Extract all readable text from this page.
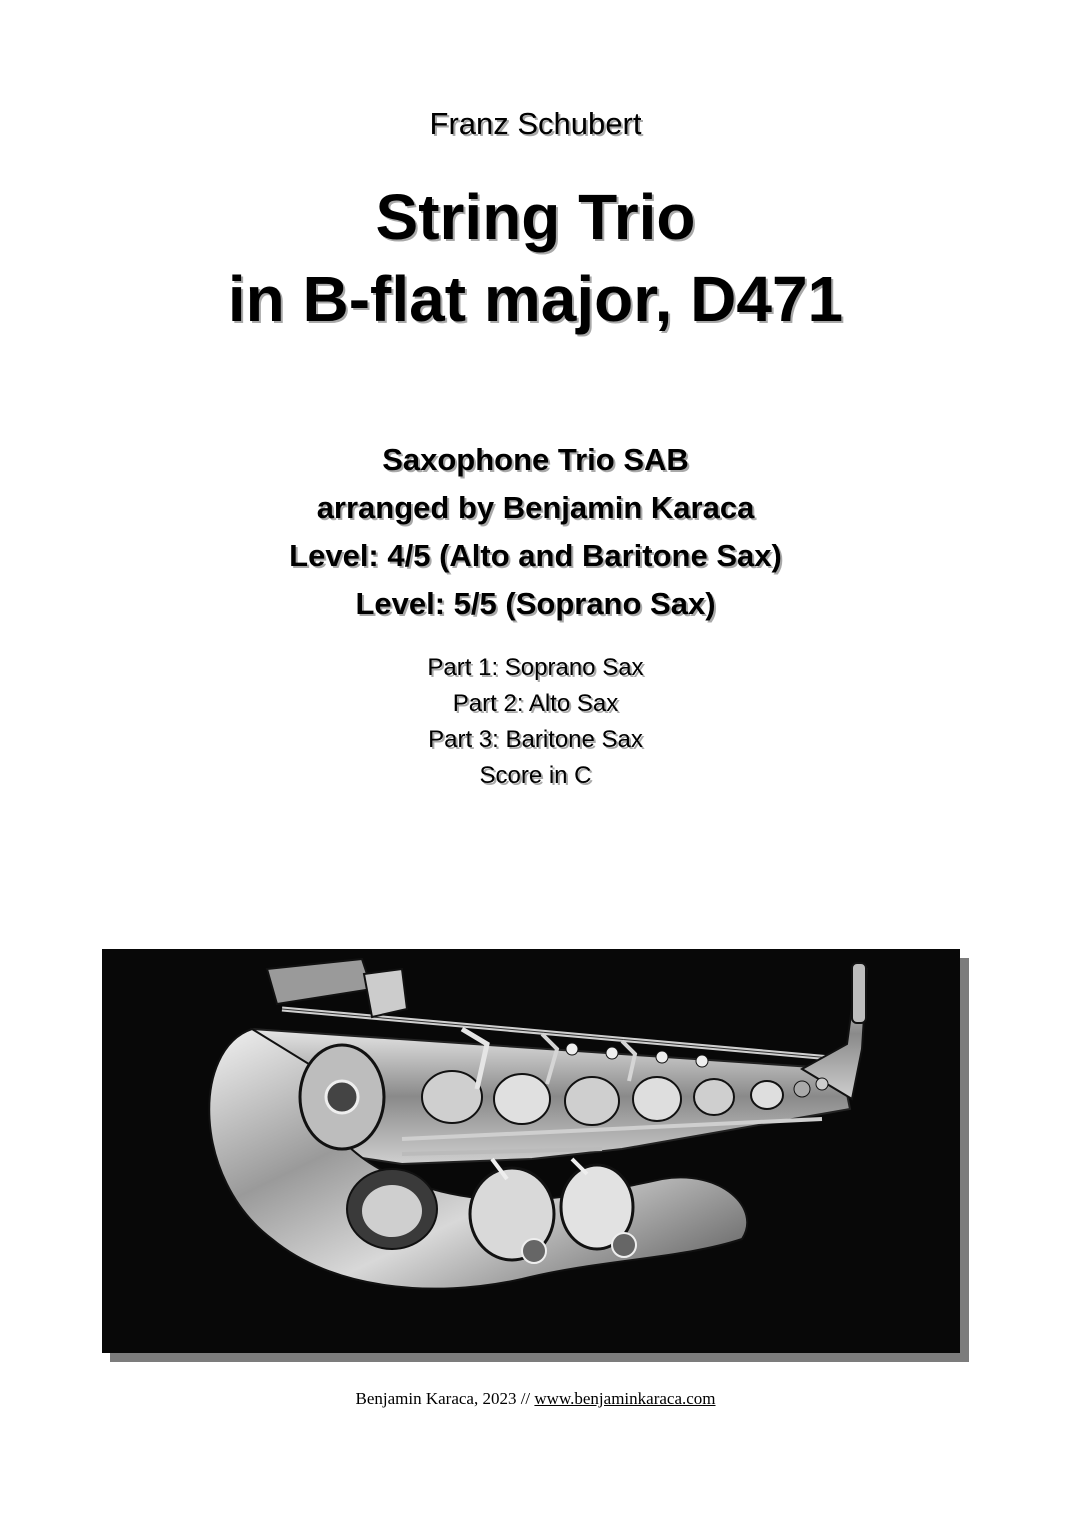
Franz Schubert
String Trio
in B-flat major, D471
Saxophone Trio SAB
arranged by Benjamin Karaca
Level: 4/5 (Alto and Baritone Sax)
Level: 5/5 (Soprano Sax)
Part 1: Soprano Sax
Part 2: Alto Sax
Part 3: Baritone Sax
Score in C
Benjamin Karaca, 2023 // www.benjaminkaraca.com
